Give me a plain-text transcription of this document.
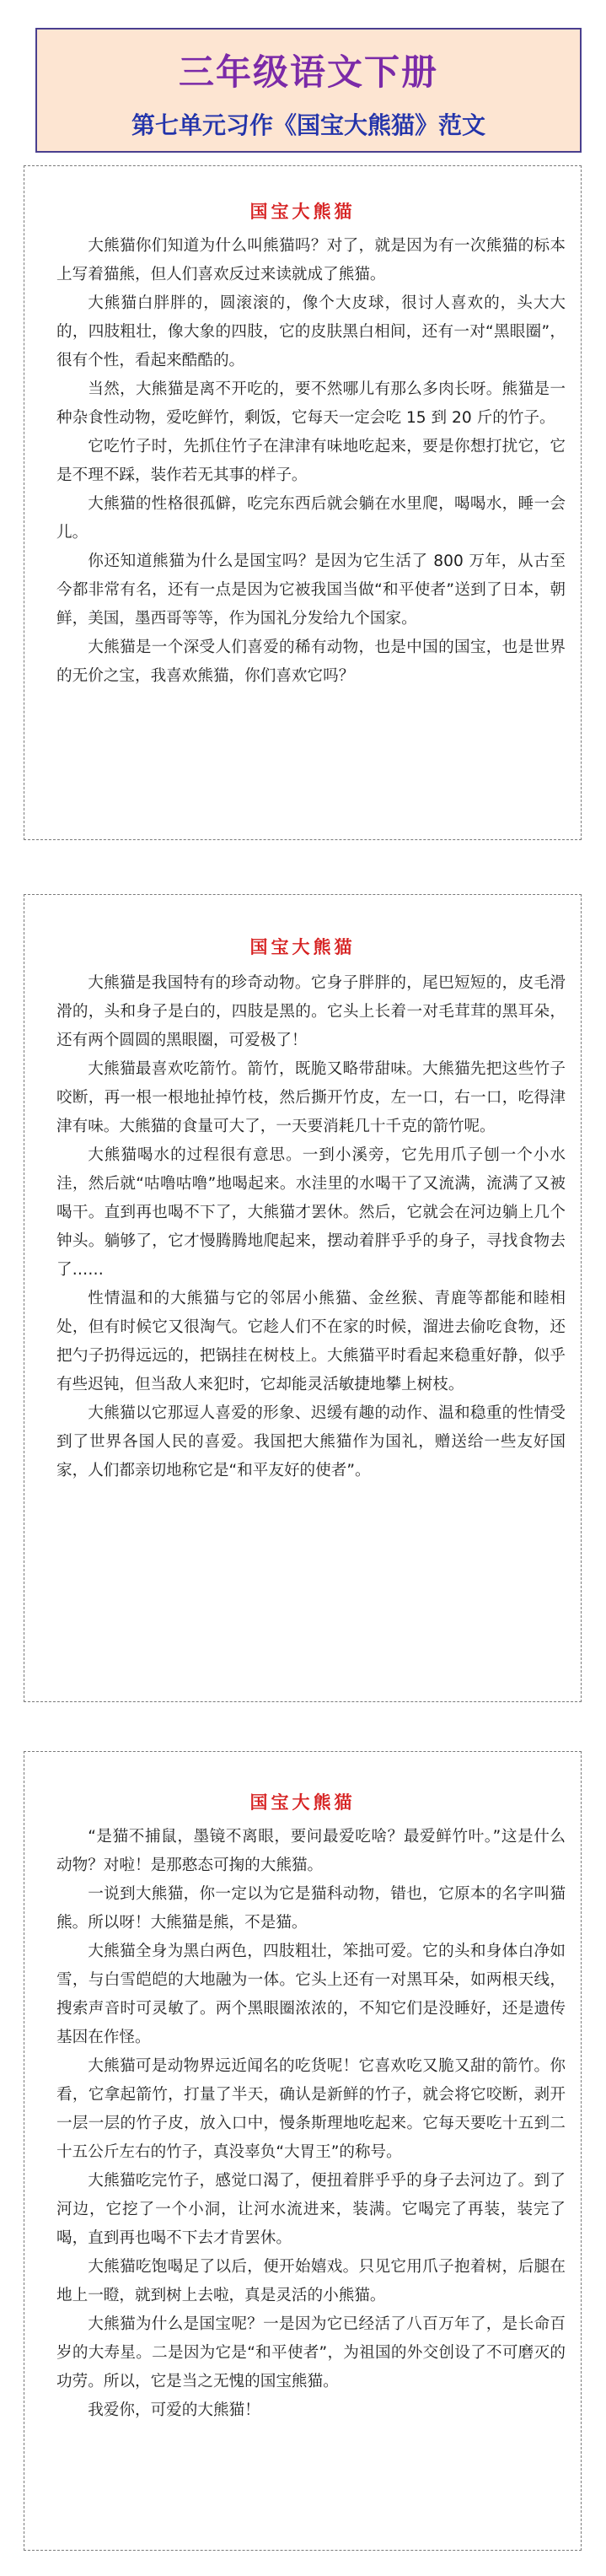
三年级语文下册
第七单元习作《国宝大熊猫》范文
国宝大熊猫

大熊猫你们知道为什么叫熊猫吗？对了，就是因为有一次熊猫的标本上写着猫熊，但人们喜欢反过来读就成了熊猫。

大熊猫白胖胖的，圆滚滚的，像个大皮球，很讨人喜欢的，头大大的，四肢粗壮，像大象的四肢，它的皮肤黑白相间，还有一对“黑眼圈”，很有个性，看起来酷酷的。

当然，大熊猫是离不开吃的，要不然哪儿有那么多肉长呀。熊猫是一种杂食性动物，爱吃鲜竹，剩饭，它每天一定会吃 15 到 20 斤的竹子。

它吃竹子时，先抓住竹子在津津有味地吃起来，要是你想打扰它，它是不理不踩，装作若无其事的样子。

大熊猫的性格很孤僻，吃完东西后就会躺在水里爬，喝喝水，睡一会儿。

你还知道熊猫为什么是国宝吗？是因为它生活了 800 万年，从古至今都非常有名，还有一点是因为它被我国当做“和平使者”送到了日本，朝鲜，美国，墨西哥等等，作为国礼分发给九个国家。

大熊猫是一个深受人们喜爱的稀有动物，也是中国的国宝，也是世界的无价之宝，我喜欢熊猫，你们喜欢它吗？

国宝大熊猫

大熊猫是我国特有的珍奇动物。它身子胖胖的，尾巴短短的，皮毛滑滑的，头和身子是白的，四肢是黑的。它头上长着一对毛茸茸的黑耳朵，还有两个圆圆的黑眼圈，可爱极了！

大熊猫最喜欢吃箭竹。箭竹，既脆又略带甜味。大熊猫先把这些竹子咬断，再一根一根地扯掉竹枝，然后撕开竹皮，左一口，右一口，吃得津津有味。大熊猫的食量可大了，一天要消耗几十千克的箭竹呢。

大熊猫喝水的过程很有意思。一到小溪旁，它先用爪子刨一个小水洼，然后就“咕噜咕噜”地喝起来。水洼里的水喝干了又流满，流满了又被喝干。直到再也喝不下了，大熊猫才罢休。然后，它就会在河边躺上几个钟头。躺够了，它才慢腾腾地爬起来，摆动着胖乎乎的身子，寻找食物去了……

性情温和的大熊猫与它的邻居小熊猫、金丝猴、青鹿等都能和睦相处，但有时候它又很淘气。它趁人们不在家的时候，溜进去偷吃食物，还把勺子扔得远远的，把锅挂在树枝上。大熊猫平时看起来稳重好静，似乎有些迟钝，但当敌人来犯时，它却能灵活敏捷地攀上树枝。

大熊猫以它那逗人喜爱的形象、迟缓有趣的动作、温和稳重的性情受到了世界各国人民的喜爱。我国把大熊猫作为国礼，赠送给一些友好国家，人们都亲切地称它是“和平友好的使者”。

国宝大熊猫

“是猫不捕鼠，墨镜不离眼，要问最爱吃啥？最爱鲜竹叶。”这是什么动物？对啦！是那憨态可掬的大熊猫。

一说到大熊猫，你一定以为它是猫科动物，错也，它原本的名字叫猫熊。所以呀！大熊猫是熊，不是猫。

大熊猫全身为黑白两色，四肢粗壮，笨拙可爱。它的头和身体白净如雪，与白雪皑皑的大地融为一体。它头上还有一对黑耳朵，如两根天线，搜索声音时可灵敏了。两个黑眼圈浓浓的，不知它们是没睡好，还是遗传基因在作怪。

大熊猫可是动物界远近闻名的吃货呢！它喜欢吃又脆又甜的箭竹。你看，它拿起箭竹，打量了半天，确认是新鲜的竹子，就会将它咬断，剥开一层一层的竹子皮，放入口中，慢条斯理地吃起来。它每天要吃十五到二十五公斤左右的竹子，真没辜负“大胃王”的称号。

大熊猫吃完竹子，感觉口渴了，便扭着胖乎乎的身子去河边了。到了河边，它挖了一个小洞，让河水流进来，装满。它喝完了再装，装完了喝，直到再也喝不下去才肯罢休。

大熊猫吃饱喝足了以后，便开始嬉戏。只见它用爪子抱着树，后腿在地上一瞪，就到树上去啦，真是灵活的小熊猫。

大熊猫为什么是国宝呢？一是因为它已经活了八百万年了，是长命百岁的大寿星。二是因为它是“和平使者”，为祖国的外交创设了不可磨灭的功劳。所以，它是当之无愧的国宝熊猫。

我爱你，可爱的大熊猫！
